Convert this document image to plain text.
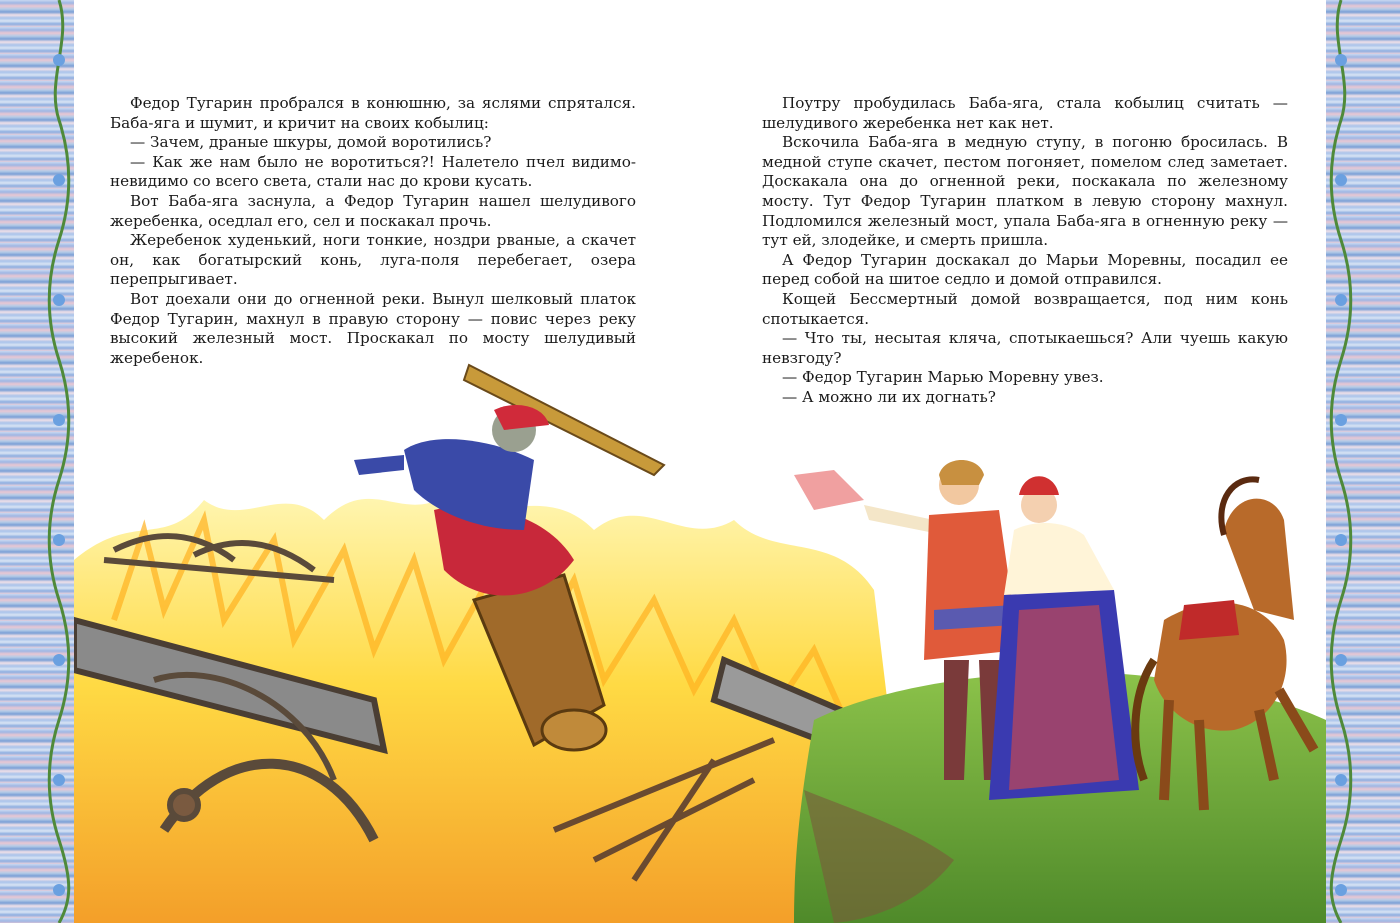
Федор Тугарин пробрался в конюшню, за яслями спрятался. Баба-яга и шумит, и кричит на своих кобылиц:

— Зачем, драные шкуры, домой воротились?

— Как же нам было не воротиться?! Налетело пчел видимо-невидимо со всего света, стали нас до крови кусать.

Вот Баба-яга заснула, а Федор Тугарин нашел шелудивого жеребенка, оседлал его, сел и поскакал прочь.

Жеребенок худенький, ноги тонкие, ноздри рваные, а скачет он, как богатырский конь, луга-поля перебегает, озера перепрыгивает.

Вот доехали они до огненной реки. Вынул шелковый платок Федор Тугарин, махнул в правую сторону — повис через реку высокий железный мост. Проскакал по мосту шелудивый жеребенок.

Поутру пробудилась Баба-яга, стала кобылиц считать — шелудивого жеребенка нет как нет.

Вскочила Баба-яга в медную ступу, в погоню бросилась. В медной ступе скачет, пестом погоняет, помелом след заметает. Доскакала она до огненной реки, поскакала по железному мосту. Тут Федор Тугарин платком в левую сторону махнул. Подломился железный мост, упала Баба-яга в огненную реку — тут ей, злодейке, и смерть пришла.

А Федор Тугарин доскакал до Марьи Моревны, посадил ее перед собой на шитое седло и домой отправился.

Кощей Бессмертный домой возвращается, под ним конь спотыкается.

— Что ты, несытая кляча, спотыкаешься? Али чуешь какую невзгоду?

— Федор Тугарин Марью Моревну увез.

— А можно ли их догнать?
